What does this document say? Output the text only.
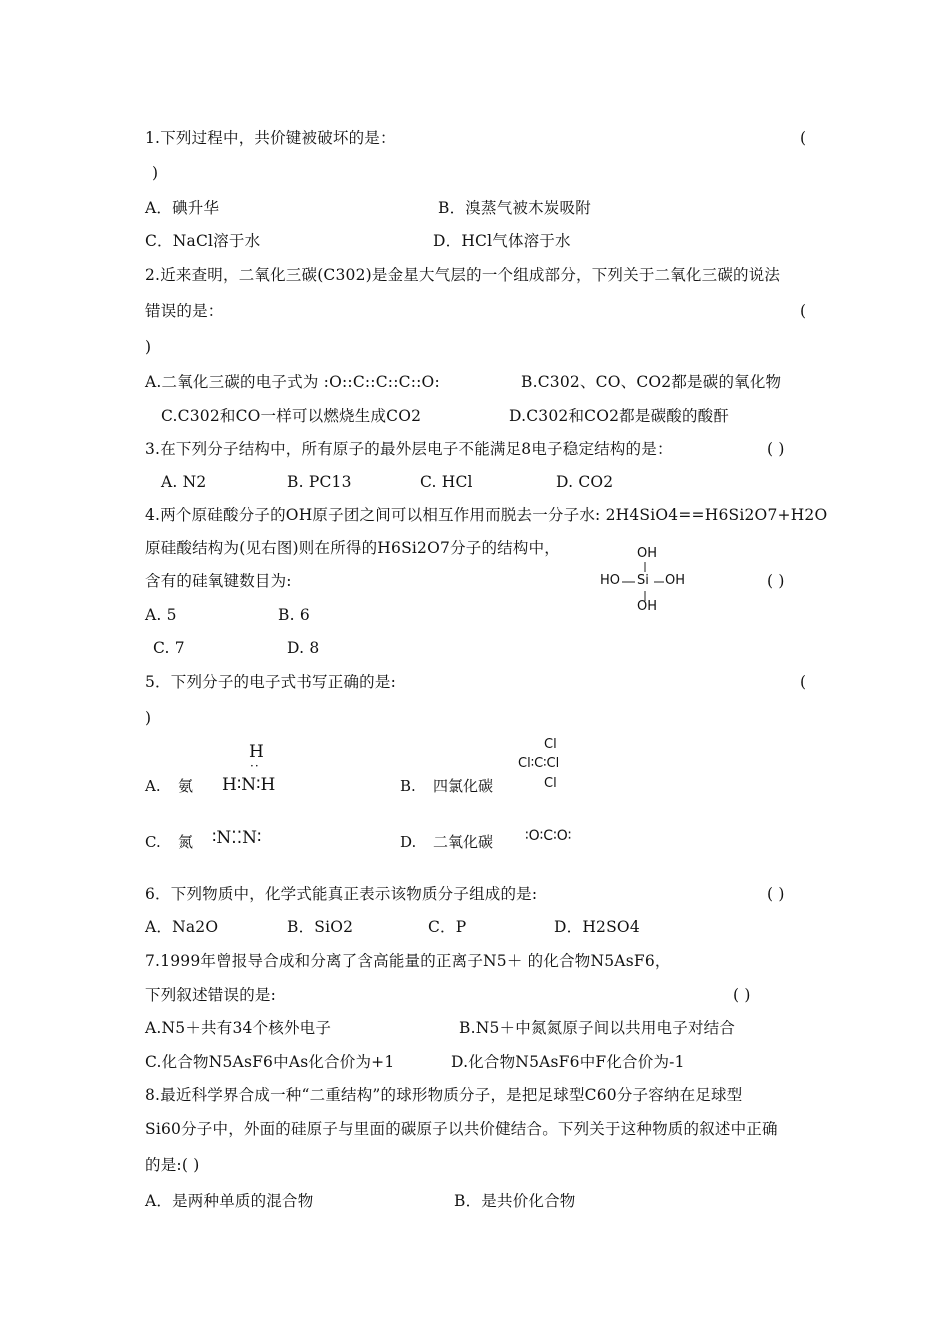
1.下列过程中，共价键被破坏的是：	(
)
A．碘升华	B．溴蒸气被木炭吸附
C．NaCl溶于水	D．HCl气体溶于水
2.近来查明，二氧化三碳(C302)是金星大气层的一个组成部分，下列关于二氧化三碳的说法
错误的是：	(
)
A.二氧化三碳的电子式为 :O::C::C::C::O:	B.C302、CO、CO2都是碳的氧化物
C.C302和CO一样可以燃烧生成CO2	D.C302和CO2都是碳酸的酸酐
3.在下列分子结构中，所有原子的最外层电子不能满足8电子稳定结构的是：	( )
A. N2	B. PC13	C. HCl	D. CO2
4.两个原硅酸分子的OH原子团之间可以相互作用而脱去一分子水: 2H4SiO4==H6Si2O7+H2O
原硅酸结构为(见右图)则在所得的H6Si2O7分子的结构中，
含有的硅氧键数目为:	( )
OH
HO Si OH
OH
A. 5	B. 6
C. 7	D. 8
5．下列分子的电子式书写正确的是:	(
)
A. 氨
H
··
H∶N∶H	B. 四氯化碳
Cl
Cl∶C∶Cl
Cl
C. 氮 ∶N⁚⁚N∶	D. 二氧化碳 ∶O∶C∶O∶
6．下列物质中，化学式能真正表示该物质分子组成的是:	( )
A．Na2O	B．SiO2	C．P	D．H2SO4
7.1999年曾报导合成和分离了含高能量的正离子N5＋ 的化合物N5AsF6，
下列叙述错误的是:	( )
A.N5＋共有34个核外电子	B.N5＋中氮氮原子间以共用电子对结合
C.化合物N5AsF6中As化合价为+1	D.化合物N5AsF6中F化合价为-1
8.最近科学界合成一种“二重结构”的球形物质分子，是把足球型C60分子容纳在足球型
Si60分子中，外面的硅原子与里面的碳原子以共价健结合。下列关于这种物质的叙述中正确
的是:( )
A．是两种单质的混合物	B．是共价化合物
